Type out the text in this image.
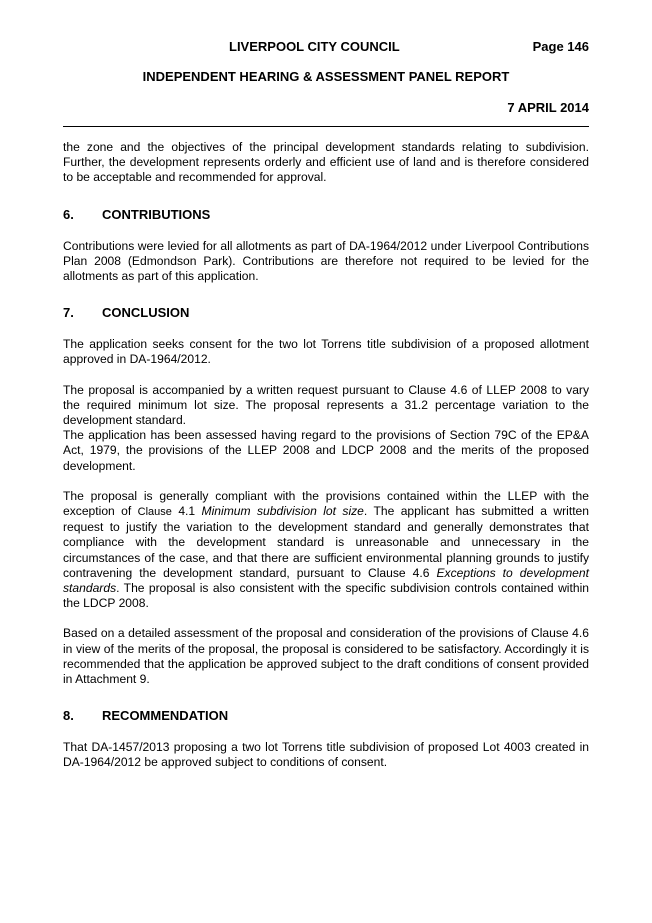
LIVERPOOL CITY COUNCIL	Page 146
INDEPENDENT HEARING & ASSESSMENT PANEL REPORT
7 APRIL 2014

the zone and the objectives of the principal development standards relating to subdivision. Further, the development represents orderly and efficient use of land and is therefore considered to be acceptable and recommended for approval.

6.	CONTRIBUTIONS

Contributions were levied for all allotments as part of DA-1964/2012 under Liverpool Contributions Plan 2008 (Edmondson Park). Contributions are therefore not required to be levied for the allotments as part of this application.

7.	CONCLUSION

The application seeks consent for the two lot Torrens title subdivision of a proposed allotment approved in DA-1964/2012.

The proposal is accompanied by a written request pursuant to Clause 4.6 of LLEP 2008 to vary the required minimum lot size. The proposal represents a 31.2 percentage variation to the development standard.

The application has been assessed having regard to the provisions of Section 79C of the EP&A Act, 1979, the provisions of the LLEP 2008 and LDCP 2008 and the merits of the proposed development.

The proposal is generally compliant with the provisions contained within the LLEP with the exception of Clause 4.1 Minimum subdivision lot size. The applicant has submitted a written request to justify the variation to the development standard and generally demonstrates that compliance with the development standard is unreasonable and unnecessary in the circumstances of the case, and that there are sufficient environmental planning grounds to justify contravening the development standard, pursuant to Clause 4.6 Exceptions to development standards. The proposal is also consistent with the specific subdivision controls contained within the LDCP 2008.

Based on a detailed assessment of the proposal and consideration of the provisions of Clause 4.6 in view of the merits of the proposal, the proposal is considered to be satisfactory. Accordingly it is recommended that the application be approved subject to the draft conditions of consent provided in Attachment 9.

8.	RECOMMENDATION

That DA-1457/2013 proposing a two lot Torrens title subdivision of proposed Lot 4003 created in DA-1964/2012 be approved subject to conditions of consent.
